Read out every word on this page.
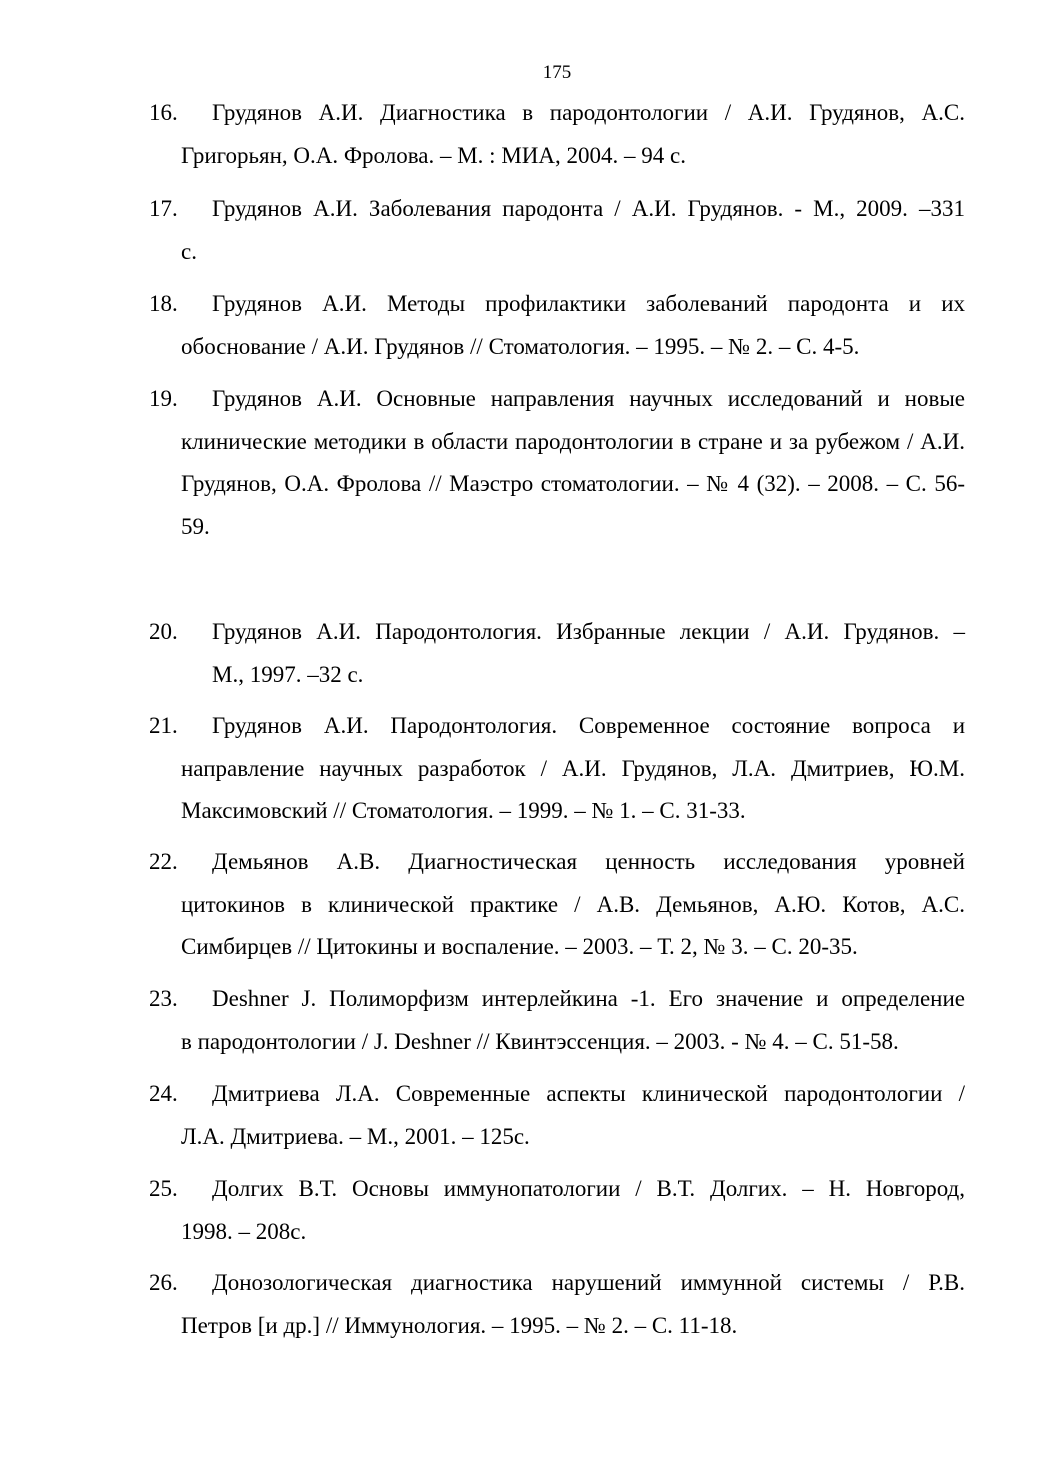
175
16.	Грудянов А.И. Диагностика в пародонтологии / А.И. Грудянов, А.С.
Григорьян, О.А. Фролова. – М. : МИА, 2004. – 94 с.
17.	Грудянов А.И. Заболевания пародонта / А.И. Грудянов. - М., 2009. –331
с.
18.	Грудянов А.И. Методы профилактики заболеваний пародонта и их
обоснование / А.И. Грудянов // Стоматология. – 1995. – № 2. – С. 4-5.
19.	Грудянов А.И. Основные направления научных исследований и новые
клинические методики в области пародонтологии в стране и за рубежом / А.И. Грудянов, О.А. Фролова // Маэстро стоматологии. – № 4 (32). – 2008. – С. 56-59.
20.	Грудянов А.И. Пародонтология. Избранные лекции / А.И. Грудянов. –
М., 1997. –32 с.
21.	Грудянов А.И. Пародонтология. Современное состояние вопроса и
направление научных разработок / А.И. Грудянов, Л.А. Дмитриев, Ю.М. Максимовский // Стоматология. – 1999. – № 1. – С. 31-33.
22.	Демьянов А.В. Диагностическая ценность исследования уровней
цитокинов в клинической практике / А.В. Демьянов, А.Ю. Котов, А.С. Симбирцев // Цитокины и воспаление. – 2003. – Т. 2, № 3. – С. 20-35.
23.	Deshner J. Полиморфизм интерлейкина -1. Его значение и определение
в пародонтологии / J. Deshner // Квинтэссенция. – 2003. - № 4. – С. 51-58.
24.	Дмитриева Л.А. Современные аспекты клинической пародонтологии /
Л.А. Дмитриева. – М., 2001. – 125с.
25.	Долгих В.Т. Основы иммунопатологии / В.Т. Долгих. – Н. Новгород,
1998. – 208с.
26.	Донозологическая диагностика нарушений иммунной системы / Р.В.
Петров [и др.] // Иммунология. – 1995. – № 2. – С. 11-18.
